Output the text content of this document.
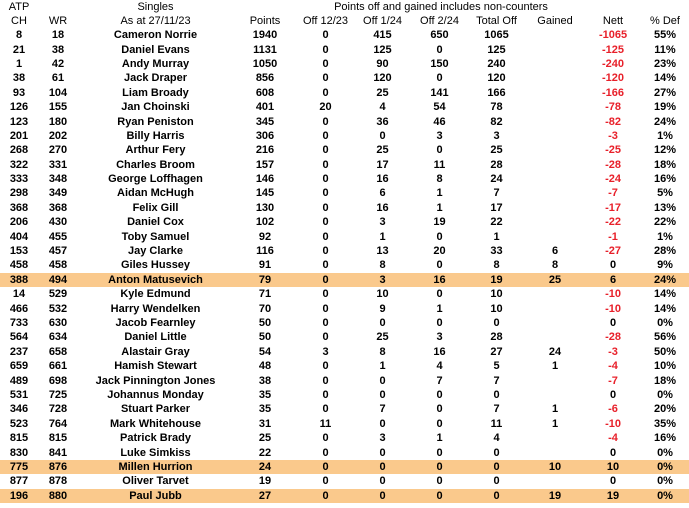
ATP		Singles		Points off and gained includes non-counters						
CH	WR	As at 27/11/23	Points	Off 12/23	Off 1/24	Off 2/24	Total Off	Gained	Nett	% Def
8	18	Cameron Norrie	1940	0	415	650	1065		-1065	55%
21	38	Daniel Evans	1131	0	125	0	125		-125	11%
1	42	Andy Murray	1050	0	90	150	240		-240	23%
38	61	Jack Draper	856	0	120	0	120		-120	14%
93	104	Liam Broady	608	0	25	141	166		-166	27%
126	155	Jan Choinski	401	20	4	54	78		-78	19%
123	180	Ryan Peniston	345	0	36	46	82		-82	24%
201	202	Billy Harris	306	0	0	3	3		-3	1%
268	270	Arthur Fery	216	0	25	0	25		-25	12%
322	331	Charles Broom	157	0	17	11	28		-28	18%
333	348	George Loffhagen	146	0	16	8	24		-24	16%
298	349	Aidan McHugh	145	0	6	1	7		-7	5%
368	368	Felix Gill	130	0	16	1	17		-17	13%
206	430	Daniel Cox	102	0	3	19	22		-22	22%
404	455	Toby Samuel	92	0	1	0	1		-1	1%
153	457	Jay Clarke	116	0	13	20	33	6	-27	28%
458	458	Giles Hussey	91	0	8	0	8	8	0	9%
388	494	Anton Matusevich	79	0	3	16	19	25	6	24%
14	529	Kyle Edmund	71	0	10	0	10		-10	14%
466	532	Harry Wendelken	70	0	9	1	10		-10	14%
733	630	Jacob Fearnley	50	0	0	0	0		0	0%
564	634	Daniel Little	50	0	25	3	28		-28	56%
237	658	Alastair Gray	54	3	8	16	27	24	-3	50%
659	661	Hamish Stewart	48	0	1	4	5	1	-4	10%
489	698	Jack Pinnington Jones	38	0	0	7	7		-7	18%
531	725	Johannus Monday	35	0	0	0	0		0	0%
346	728	Stuart Parker	35	0	7	0	7	1	-6	20%
523	764	Mark Whitehouse	31	11	0	0	11	1	-10	35%
815	815	Patrick Brady	25	0	3	1	4		-4	16%
830	841	Luke Simkiss	22	0	0	0	0		0	0%
775	876	Millen Hurrion	24	0	0	0	0	10	10	0%
877	878	Oliver Tarvet	19	0	0	0	0		0	0%
196	880	Paul Jubb	27	0	0	0	0	19	19	0%
